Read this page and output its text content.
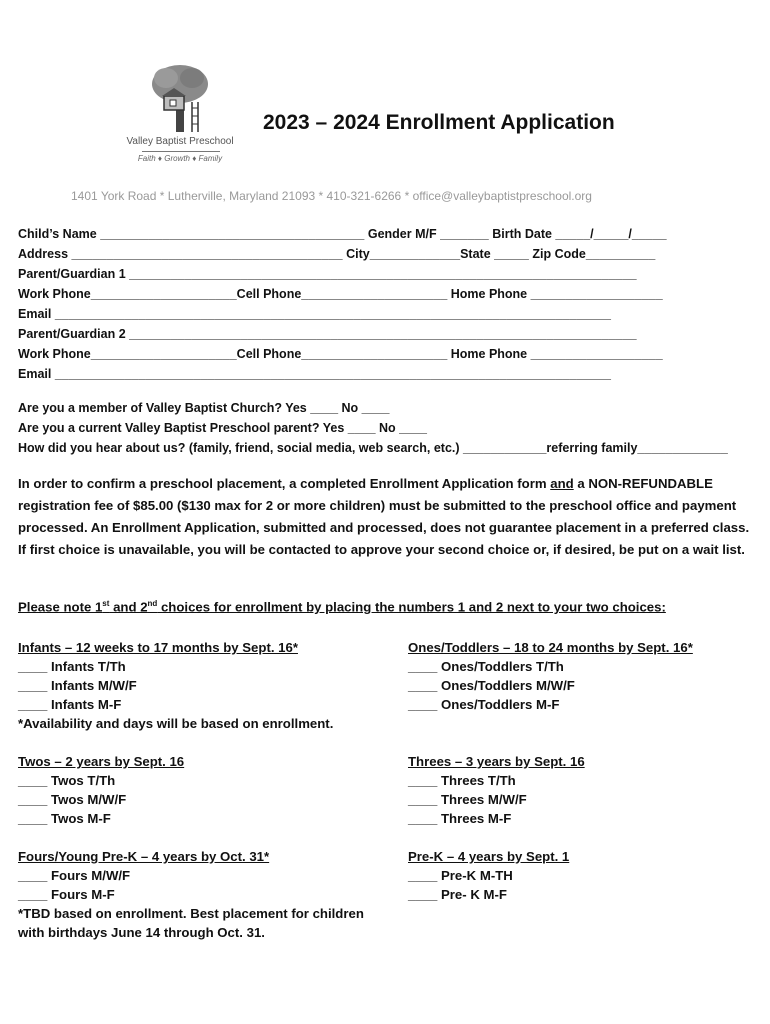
Valley Baptist Preschool
Faith ♦ Growth ♦ Family
2023 – 2024 Enrollment Application
1401 York Road * Lutherville, Maryland 21093 * 410-321-6266 * office@valleybaptistpreschool.org
Child’s Name ______________________________________ Gender M/F _______ Birth Date _____/_____/_____
Address _______________________________________ City_____________State _____ Zip Code__________
Parent/Guardian 1 _________________________________________________________________________
Work Phone_____________________Cell Phone_____________________ Home Phone ___________________
Email ________________________________________________________________________________
Parent/Guardian 2 _________________________________________________________________________
Work Phone_____________________Cell Phone_____________________ Home Phone ___________________
Email ________________________________________________________________________________
Are you a member of Valley Baptist Church? Yes ____ No ____
Are you a current Valley Baptist Preschool parent? Yes ____ No ____
How did you hear about us? (family, friend, social media, web search, etc.) ____________referring family_____________
In order to confirm a preschool placement, a completed Enrollment Application form and a NON-REFUNDABLE registration fee of $85.00 ($130 max for 2 or more children) must be submitted to the preschool office and payment processed. An Enrollment Application, submitted and processed, does not guarantee placement in a preferred class. If first choice is unavailable, you will be contacted to approve your second choice or, if desired, be put on a wait list.
Please note 1st and 2nd choices for enrollment by placing the numbers 1 and 2 next to your two choices:
Infants – 12 weeks to 17 months by Sept. 16*
____ Infants T/Th
____ Infants M/W/F
____ Infants M-F
*Availability and days will be based on enrollment.
Twos – 2 years by Sept. 16
____ Twos T/Th
____ Twos M/W/F
____ Twos M-F
Fours/Young Pre-K – 4 years by Oct. 31*
____ Fours M/W/F
____ Fours M-F
*TBD based on enrollment. Best placement for children
with birthdays June 14 through Oct. 31.
Ones/Toddlers – 18 to 24 months by Sept. 16*
____ Ones/Toddlers T/Th
____ Ones/Toddlers M/W/F
____ Ones/Toddlers M-F
Threes – 3 years by Sept. 16
____ Threes T/Th
____ Threes M/W/F
____ Threes M-F
Pre-K – 4 years by Sept. 1
____ Pre-K M-TH
____ Pre- K M-F
